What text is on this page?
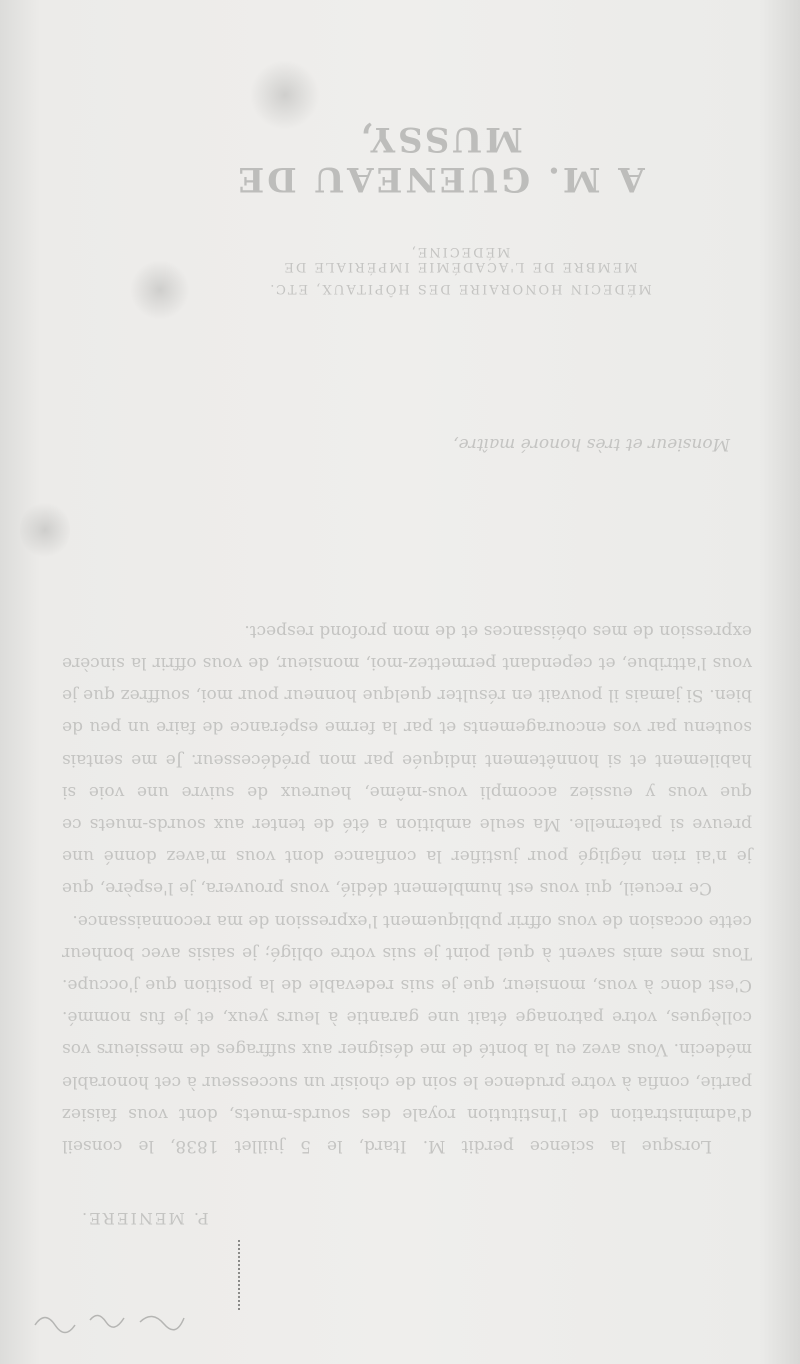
A M. GUENEAU DE MUSSY,
MEMBRE DE L'ACADÉMIE IMPÉRIALE DE MÉDECINE,
MÉDECIN HONORAIRE DES HÔPITAUX, ETC.
Monsieur et très honoré maître,

Lorsque la science perdit M. Itard, le 5 juillet 1838, le conseil d'administration de l'Institution royale des sourds-muets, dont vous faisiez partie, confia à votre prudence le soin de choisir un successeur à cet honorable médecin. Vous avez eu la bonté de me désigner aux suffrages de messieurs vos collègues, votre patronage était une garantie à leurs yeux, et je fus nommé. C'est donc à vous, monsieur, que je suis redevable de la position que j'occupe. Tous mes amis savent à quel point je suis votre obligé; je saisis avec bonheur cette occasion de vous offrir publiquement l'expression de ma reconnaissance.

Ce recueil, qui vous est humblement dédié, vous prouvera, je l'espère, que je n'ai rien négligé pour justifier la confiance dont vous m'avez donné une preuve si paternelle. Ma seule ambition a été de tenter aux sourds-muets ce que vous y eussiez accompli vous-même, heureux de suivre une voie si habilement et si honnêtement indiquée par mon prédécesseur. Je me sentais soutenu par vos encouragements et par la ferme espérance de faire un peu de bien. Si jamais il pouvait en résulter quelque honneur pour moi, souffrez que je vous l'attribue, et cependant permettez-moi, monsieur, de vous offrir la sincère expression de mes obéissances et de mon profond respect.

P. MENIERE.
